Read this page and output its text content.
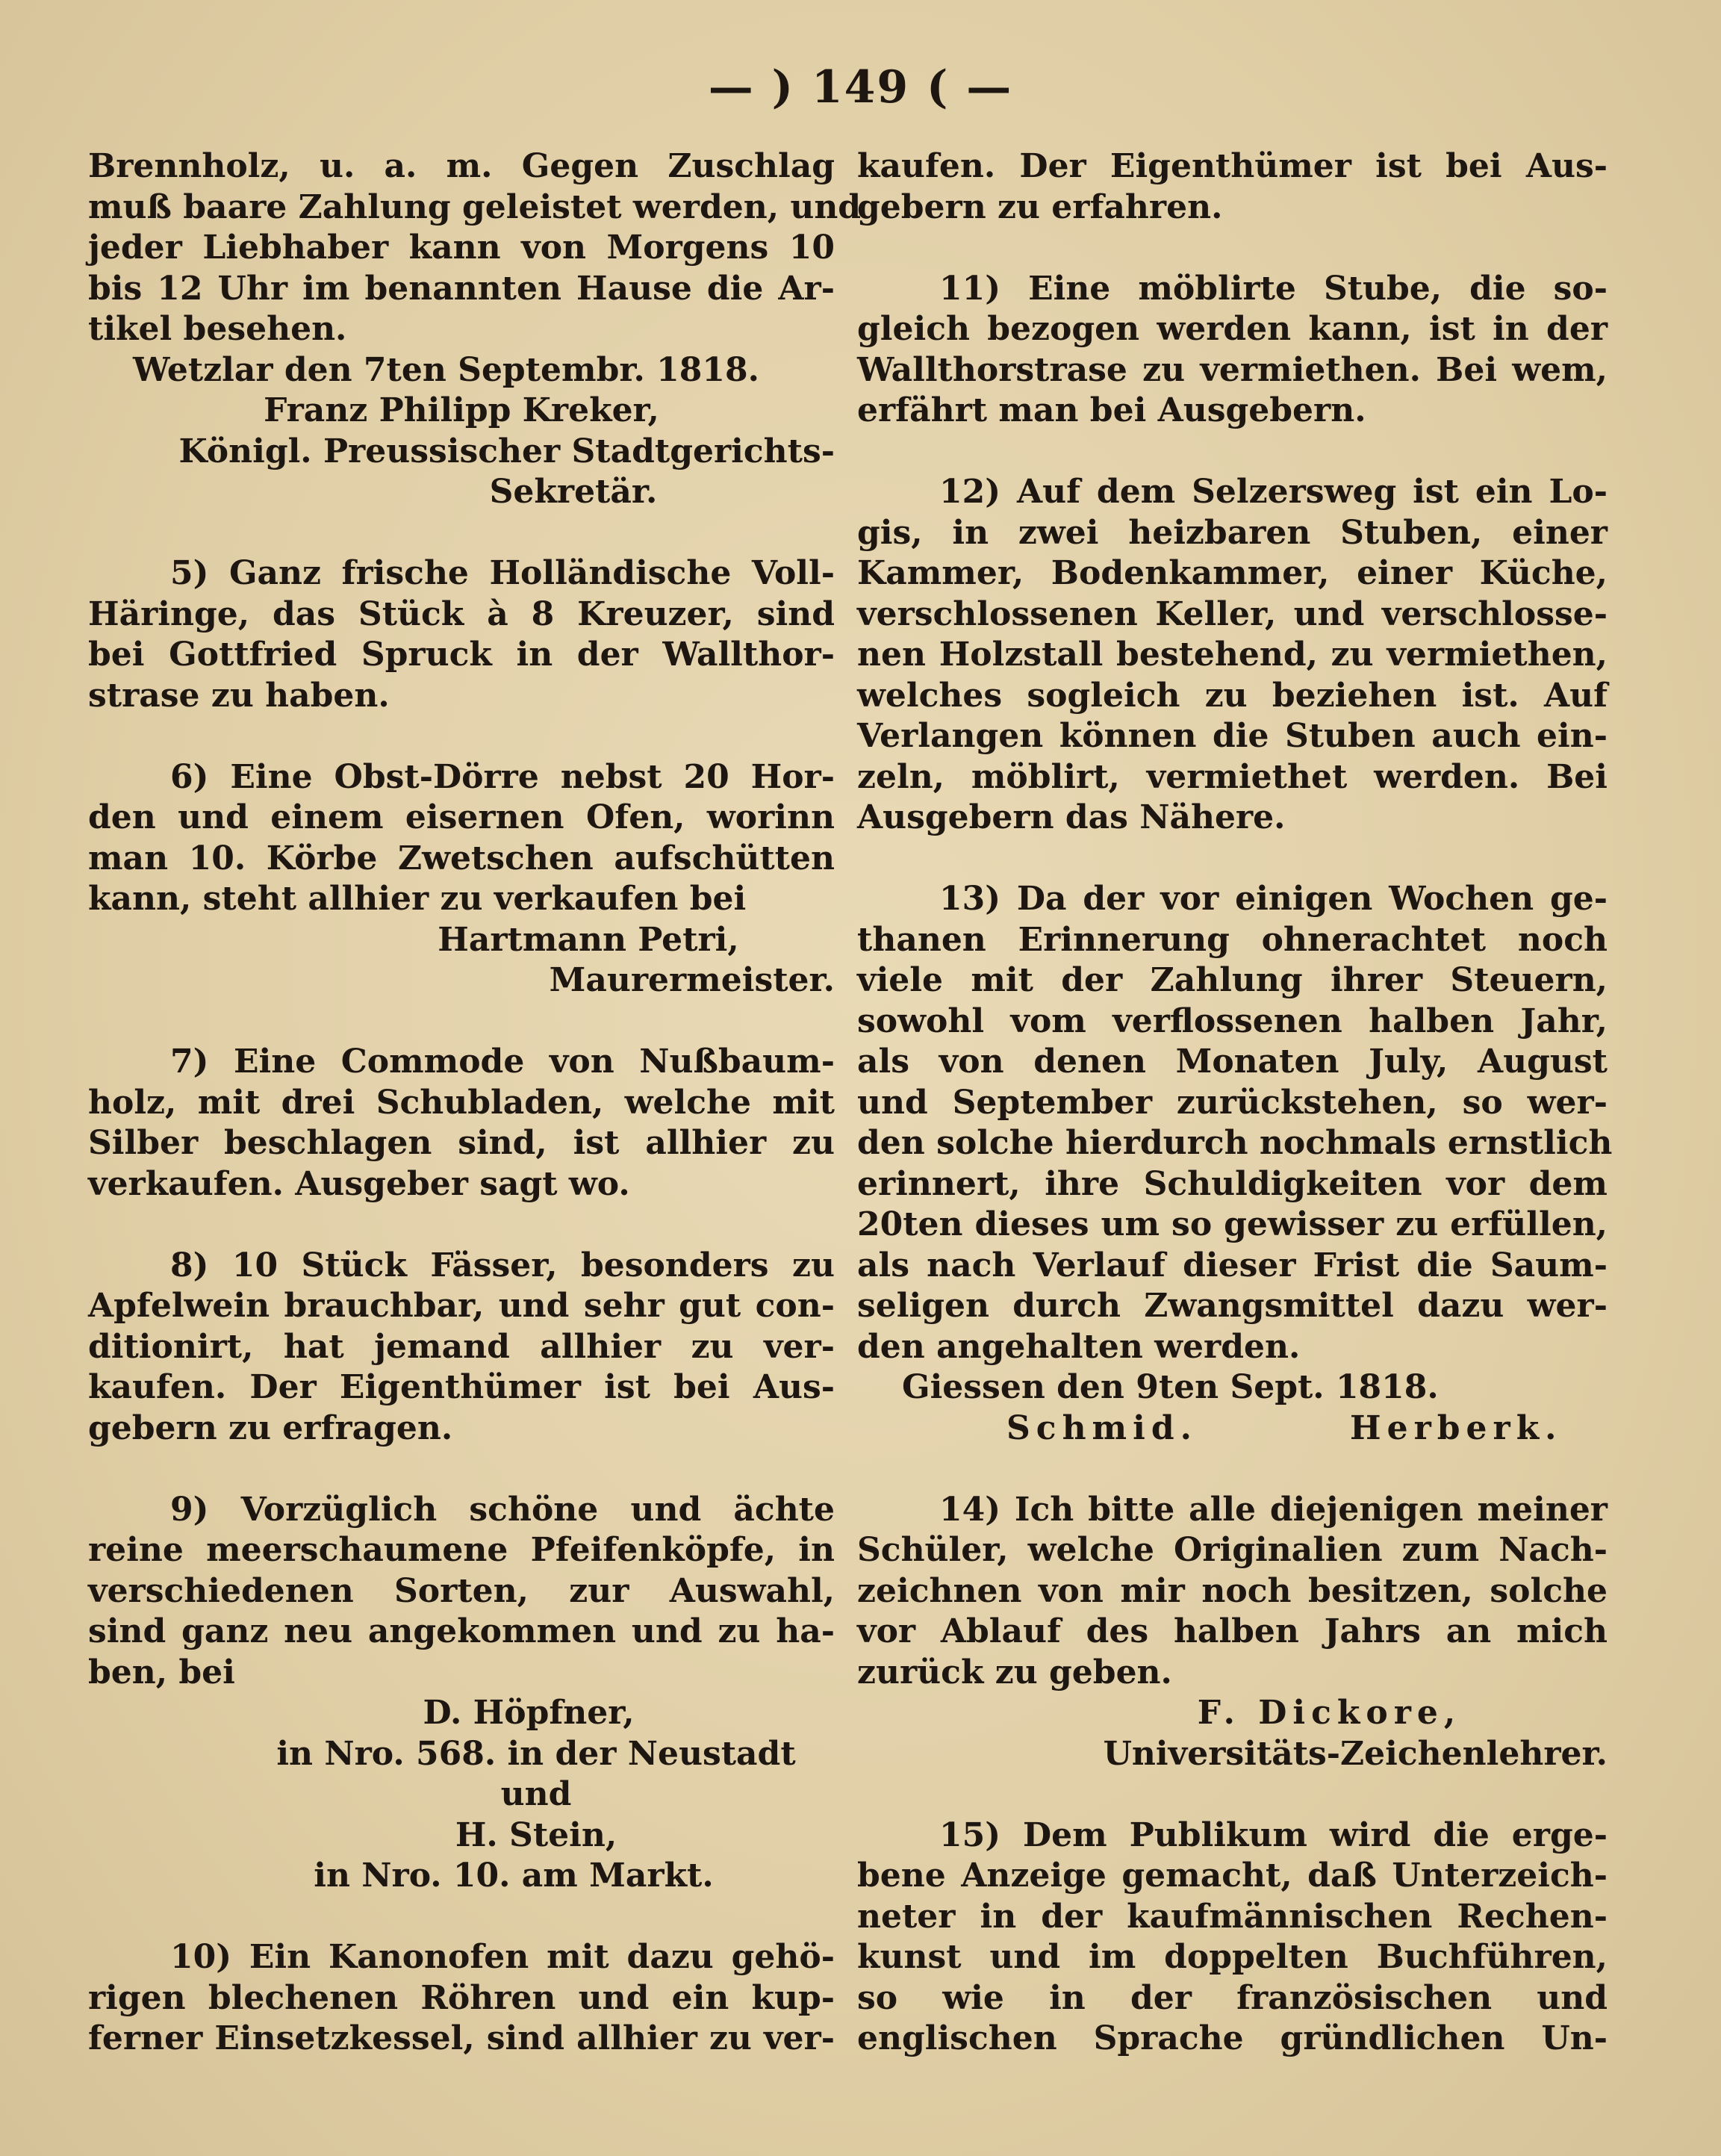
— ) 149 ( —
Brennholz, u. a. m. Gegen Zuschlag
muß baare Zahlung geleistet werden, und
jeder Liebhaber kann von Morgens 10
bis 12 Uhr im benannten Hause die Ar-
tikel besehen.
Wetzlar den 7ten Septembr. 1818.
Franz Philipp Kreker,
Königl. Preussischer Stadtgerichts-
Sekretär.
5) Ganz frische Holländische Voll-
Häringe, das Stück à 8 Kreuzer, sind
bei Gottfried Spruck in der Wallthor-
strase zu haben.
6) Eine Obst-Dörre nebst 20 Hor-
den und einem eisernen Ofen, worinn
man 10. Körbe Zwetschen aufschütten
kann, steht allhier zu verkaufen bei
Hartmann Petri,
Maurermeister.
7) Eine Commode von Nußbaum-
holz, mit drei Schubladen, welche mit
Silber beschlagen sind, ist allhier zu
verkaufen. Ausgeber sagt wo.
8) 10 Stück Fässer, besonders zu
Apfelwein brauchbar, und sehr gut con-
ditionirt, hat jemand allhier zu ver-
kaufen. Der Eigenthümer ist bei Aus-
gebern zu erfragen.
9) Vorzüglich schöne und ächte
reine meerschaumene Pfeifenköpfe, in
verschiedenen Sorten, zur Auswahl,
sind ganz neu angekommen und zu ha-
ben, bei
D. Höpfner,
in Nro. 568. in der Neustadt
und
H. Stein,
in Nro. 10. am Markt.
10) Ein Kanonofen mit dazu gehö-
rigen blechenen Röhren und ein kup-
ferner Einsetzkessel, sind allhier zu ver-
kaufen. Der Eigenthümer ist bei Aus-
gebern zu erfahren.
11) Eine möblirte Stube, die so-
gleich bezogen werden kann, ist in der
Wallthorstrase zu vermiethen. Bei wem,
erfährt man bei Ausgebern.
12) Auf dem Selzersweg ist ein Lo-
gis, in zwei heizbaren Stuben, einer
Kammer, Bodenkammer, einer Küche,
verschlossenen Keller, und verschlosse-
nen Holzstall bestehend, zu vermiethen,
welches sogleich zu beziehen ist. Auf
Verlangen können die Stuben auch ein-
zeln, möblirt, vermiethet werden. Bei
Ausgebern das Nähere.
13) Da der vor einigen Wochen ge-
thanen Erinnerung ohnerachtet noch
viele mit der Zahlung ihrer Steuern,
sowohl vom verflossenen halben Jahr,
als von denen Monaten July, August
und September zurückstehen, so wer-
den solche hierdurch nochmals ernstlich
erinnert, ihre Schuldigkeiten vor dem
20ten dieses um so gewisser zu erfüllen,
als nach Verlauf dieser Frist die Saum-
seligen durch Zwangsmittel dazu wer-
den angehalten werden.
Giessen den 9ten Sept. 1818.
Schmid.	Herberk.
14) Ich bitte alle diejenigen meiner
Schüler, welche Originalien zum Nach-
zeichnen von mir noch besitzen, solche
vor Ablauf des halben Jahrs an mich
zurück zu geben.
F. Dickore,
Universitäts-Zeichenlehrer.
15) Dem Publikum wird die erge-
bene Anzeige gemacht, daß Unterzeich-
neter in der kaufmännischen Rechen-
kunst und im doppelten Buchführen,
so wie in der französischen und
englischen Sprache gründlichen Un-
